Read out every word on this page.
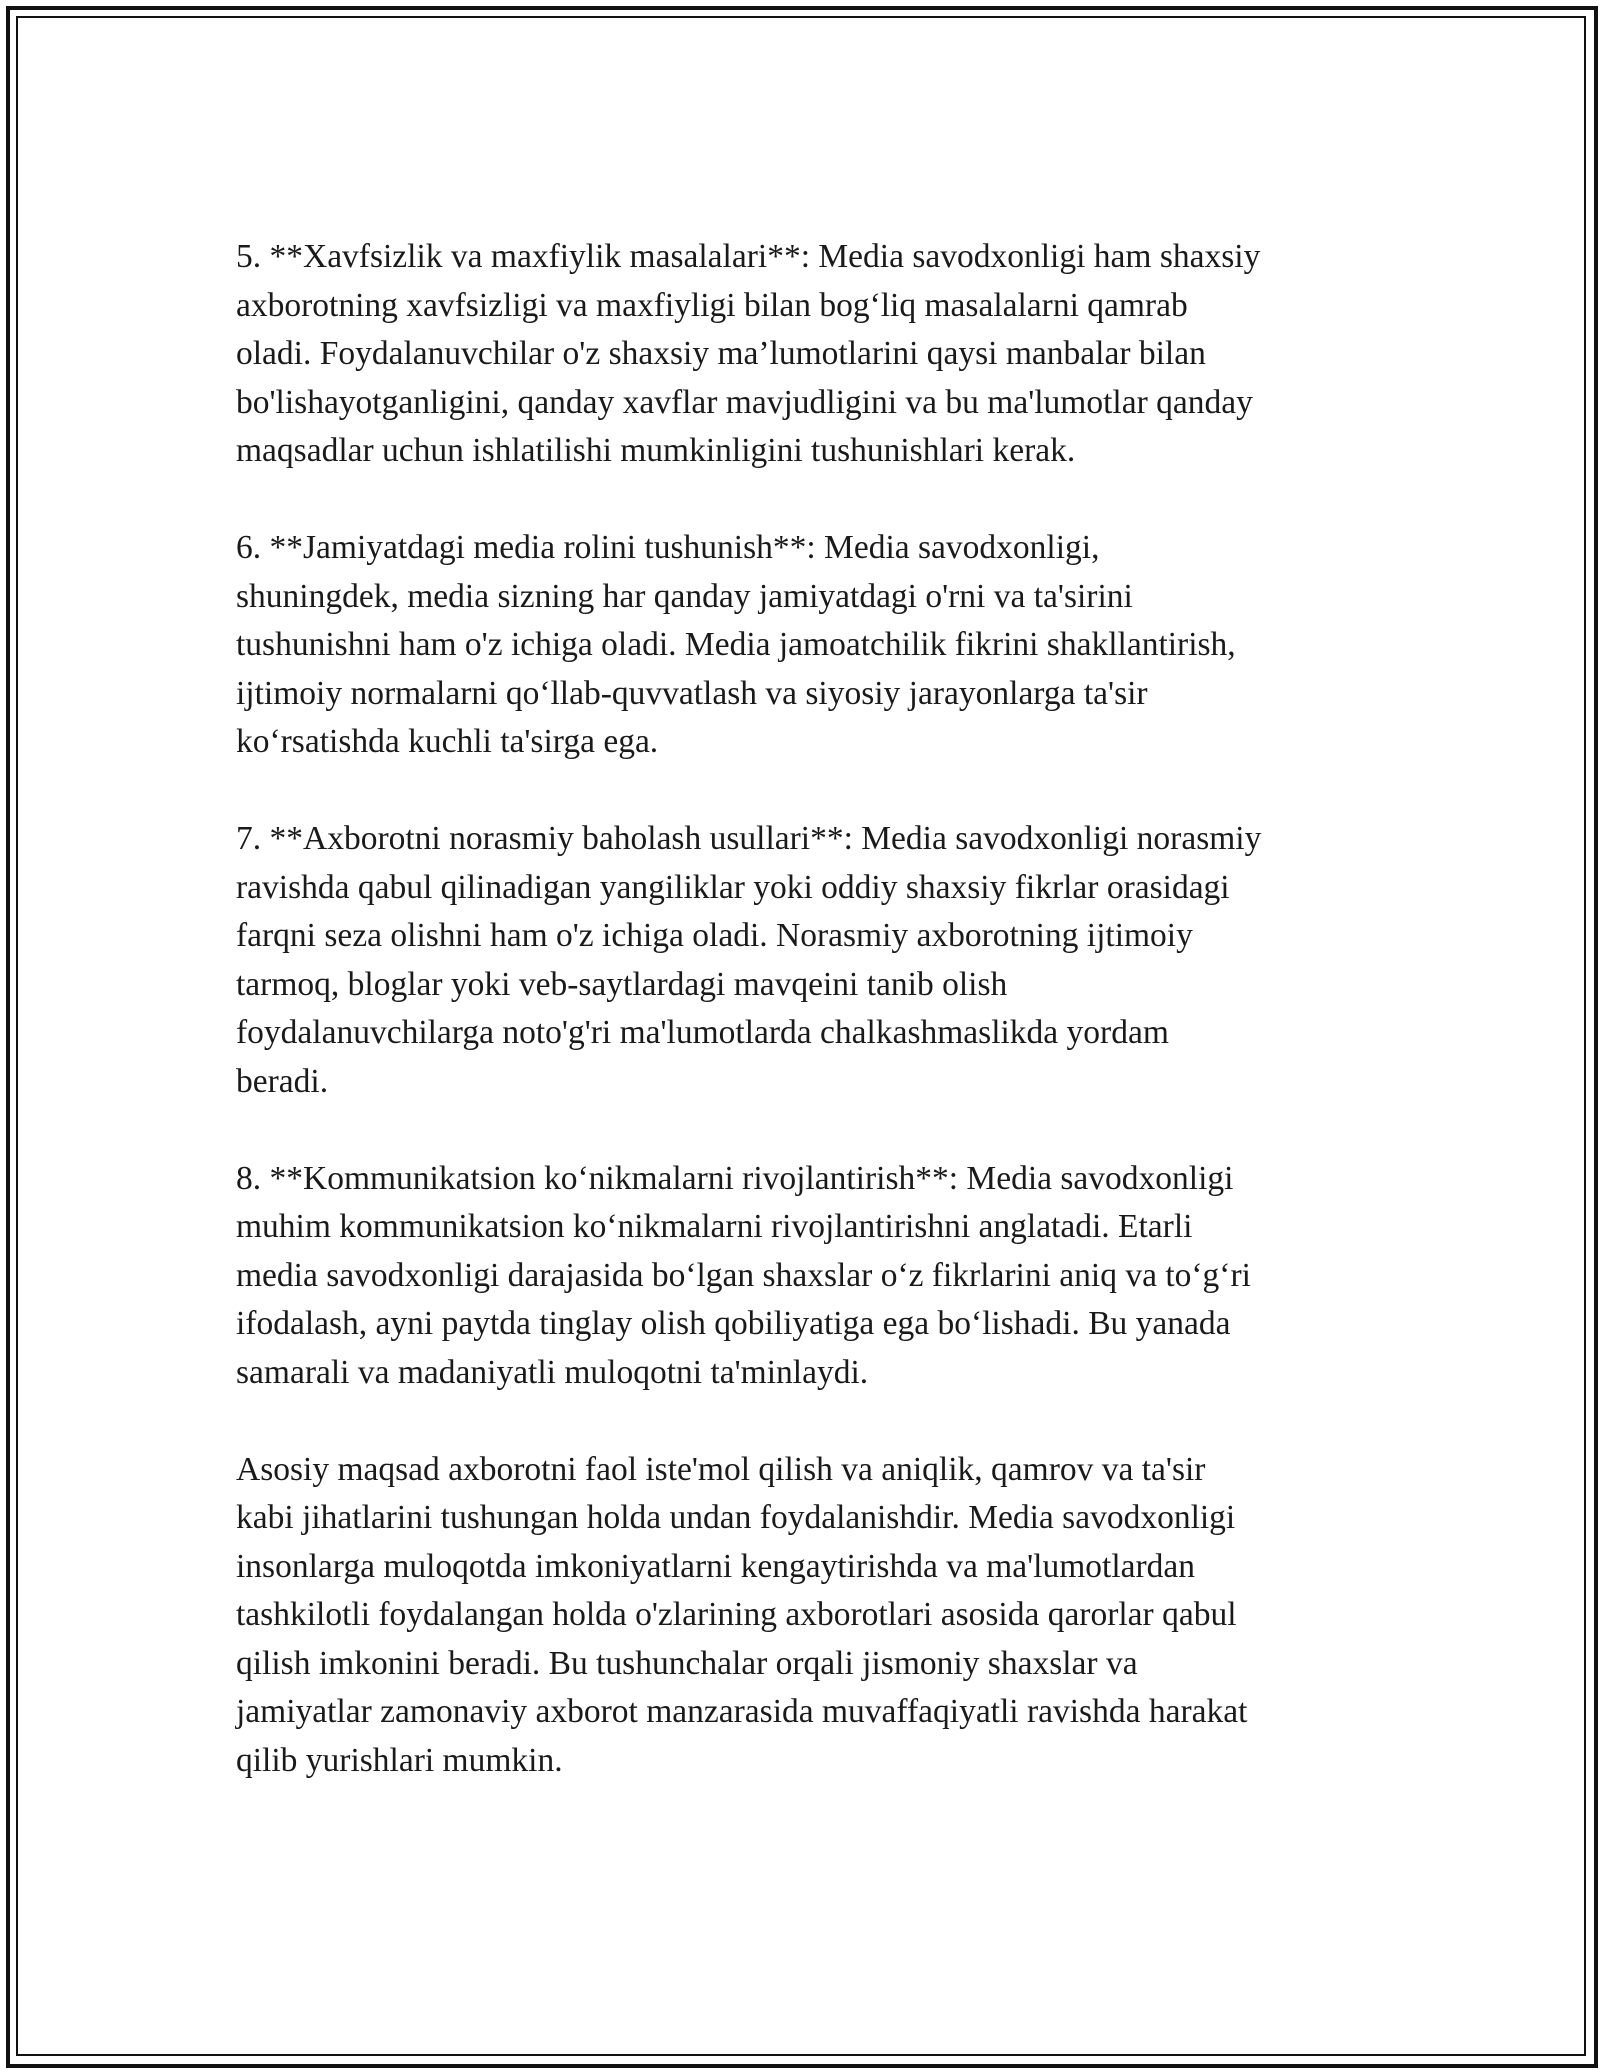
5. **Xavfsizlik va maxfiylik masalalari**: Media savodxonligi ham shaxsiy
axborotning xavfsizligi va maxfiyligi bilan bog‘liq masalalarni qamrab
oladi. Foydalanuvchilar o'z shaxsiy ma’lumotlarini qaysi manbalar bilan
bo'lishayotganligini, qanday xavflar mavjudligini va bu ma'lumotlar qanday
maqsadlar uchun ishlatilishi mumkinligini tushunishlari kerak.

6. **Jamiyatdagi media rolini tushunish**: Media savodxonligi,
shuningdek, media sizning har qanday jamiyatdagi o'rni va ta'sirini
tushunishni ham o'z ichiga oladi. Media jamoatchilik fikrini shakllantirish,
ijtimoiy normalarni qo‘llab-quvvatlash va siyosiy jarayonlarga ta'sir
ko‘rsatishda kuchli ta'sirga ega.

7. **Axborotni norasmiy baholash usullari**: Media savodxonligi norasmiy
ravishda qabul qilinadigan yangiliklar yoki oddiy shaxsiy fikrlar orasidagi
farqni seza olishni ham o'z ichiga oladi. Norasmiy axborotning ijtimoiy
tarmoq, bloglar yoki veb-saytlardagi mavqeini tanib olish
foydalanuvchilarga noto'g'ri ma'lumotlarda chalkashmaslikda yordam
beradi.

8. **Kommunikatsion ko‘nikmalarni rivojlantirish**: Media savodxonligi
muhim kommunikatsion ko‘nikmalarni rivojlantirishni anglatadi. Etarli
media savodxonligi darajasida bo‘lgan shaxslar o‘z fikrlarini aniq va to‘g‘ri
ifodalash, ayni paytda tinglay olish qobiliyatiga ega bo‘lishadi. Bu yanada
samarali va madaniyatli muloqotni ta'minlaydi.

Asosiy maqsad axborotni faol iste'mol qilish va aniqlik, qamrov va ta'sir
kabi jihatlarini tushungan holda undan foydalanishdir. Media savodxonligi
insonlarga muloqotda imkoniyatlarni kengaytirishda va ma'lumotlardan
tashkilotli foydalangan holda o'zlarining axborotlari asosida qarorlar qabul
qilish imkonini beradi. Bu tushunchalar orqali jismoniy shaxslar va
jamiyatlar zamonaviy axborot manzarasida muvaffaqiyatli ravishda harakat
qilib yurishlari mumkin.
